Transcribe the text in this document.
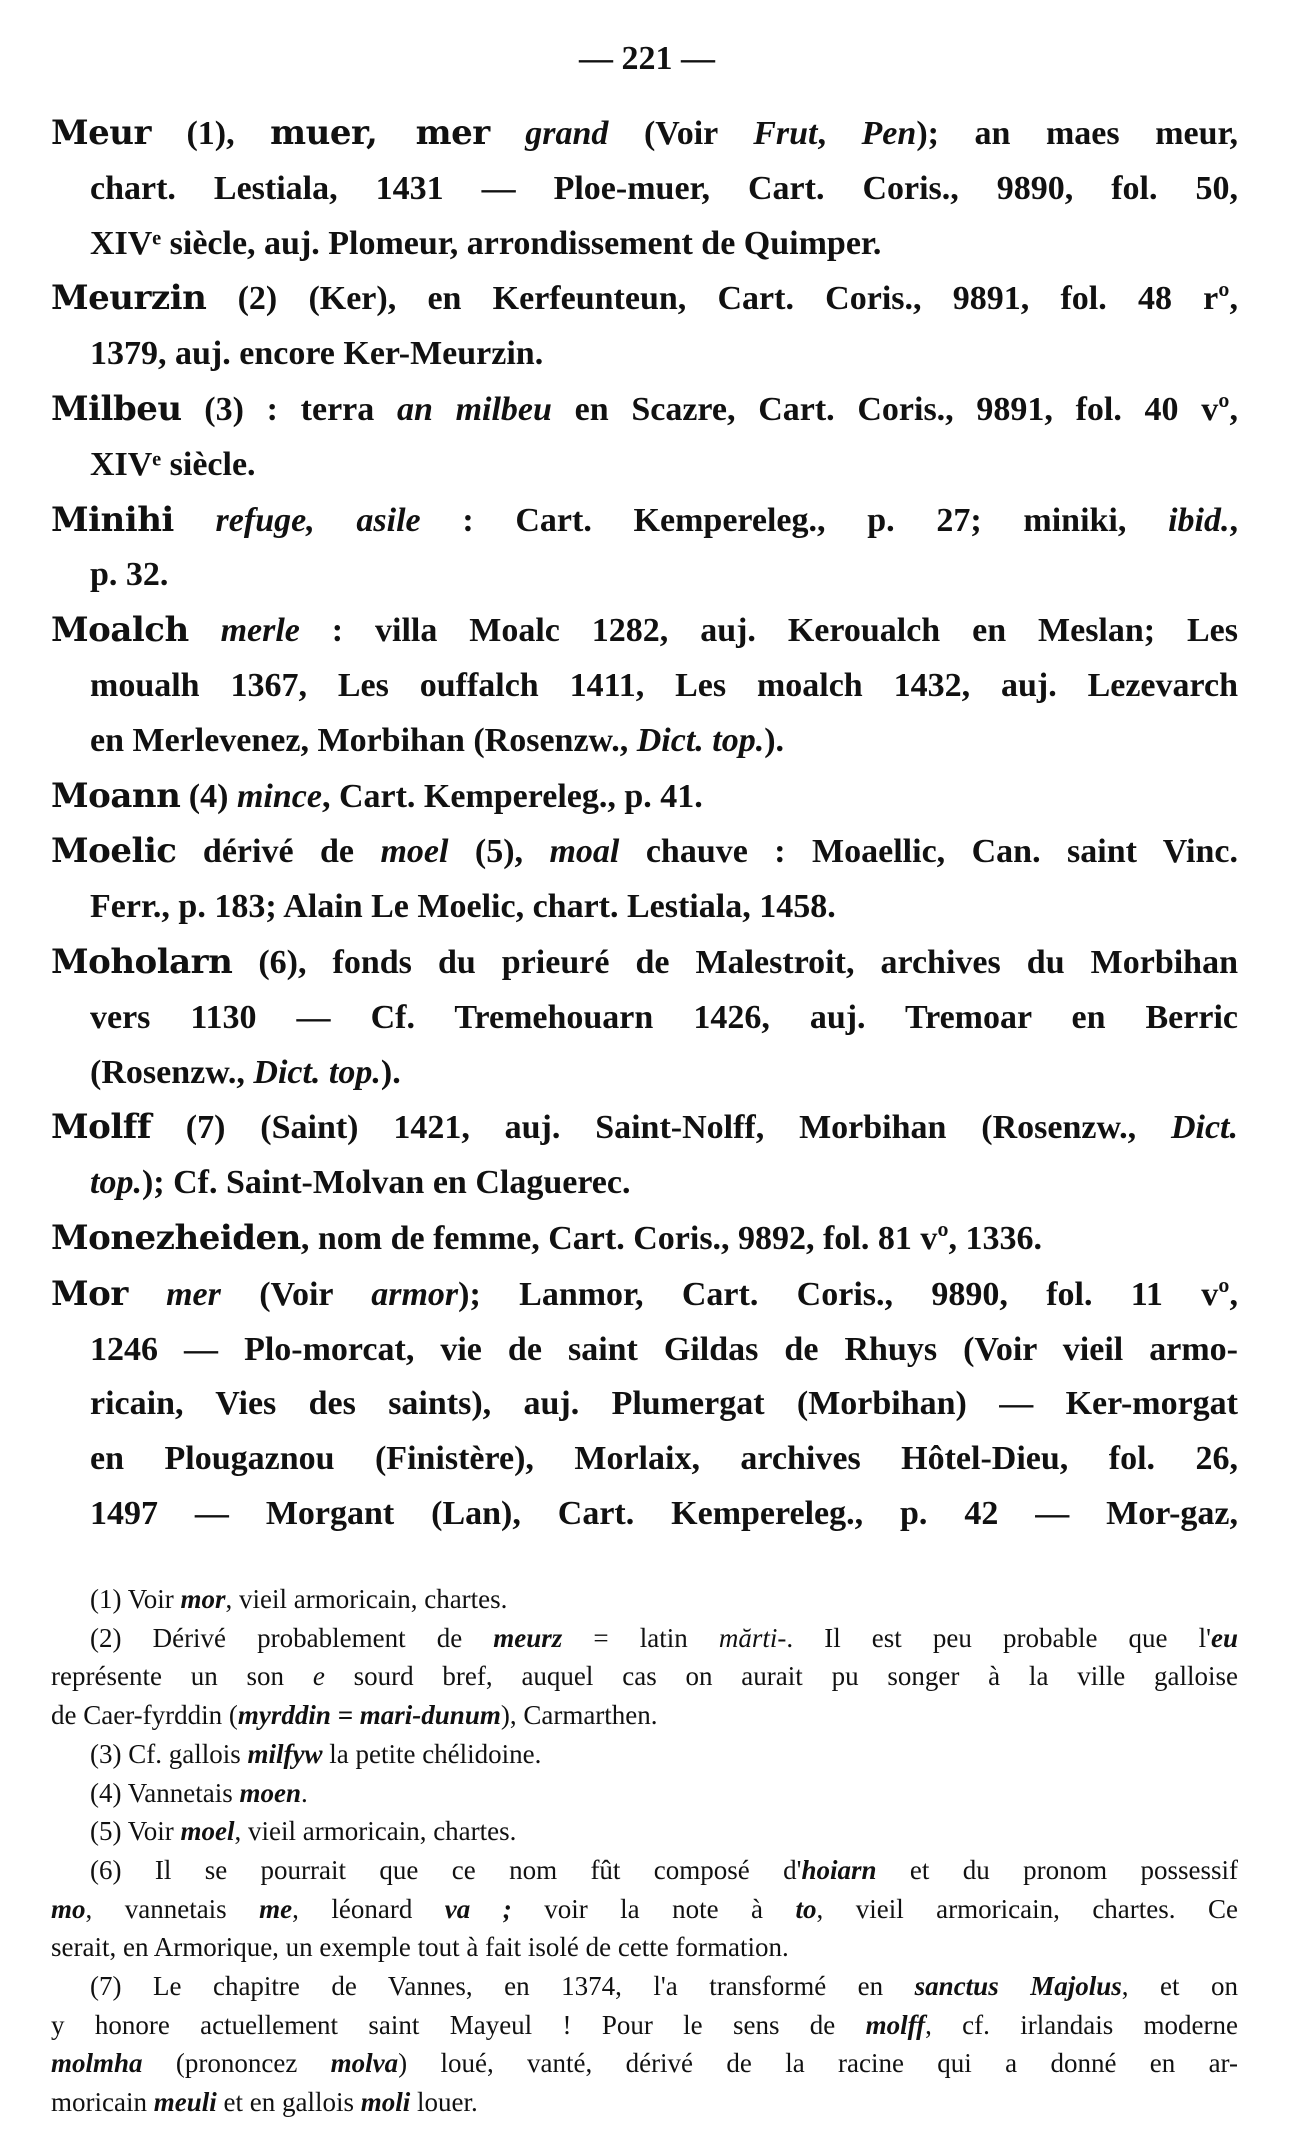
— 221 —
Meur (1), muer, mer grand (Voir Frut, Pen); an maes meur,
chart. Lestiala, 1431 — Ploe-muer, Cart. Coris., 9890, fol. 50,
XIVᵉ siècle, auj. Plomeur, arrondissement de Quimper.
Meurzin (2) (Ker), en Kerfeunteun, Cart. Coris., 9891, fol. 48 rº,
1379, auj. encore Ker-Meurzin.
Milbeu (3) : terra an milbeu en Scazre, Cart. Coris., 9891, fol. 40 vº,
XIVᵉ siècle.
Minihi refuge, asile : Cart. Kempereleg., p. 27; miniki, ibid.,
p. 32.
Moalch merle : villa Moalc 1282, auj. Keroualch en Meslan; Les
moualh 1367, Les ouffalch 1411, Les moalch 1432, auj. Lezevarch
en Merlevenez, Morbihan (Rosenzw., Dict. top.).
Moann (4) mince, Cart. Kempereleg., p. 41.
Moelic dérivé de moel (5), moal chauve : Moaellic, Can. saint Vinc.
Ferr., p. 183; Alain Le Moelic, chart. Lestiala, 1458.
Moholarn (6), fonds du prieuré de Malestroit, archives du Morbihan
vers 1130 — Cf. Tremehouarn 1426, auj. Tremoar en Berric
(Rosenzw., Dict. top.).
Molff (7) (Saint) 1421, auj. Saint-Nolff, Morbihan (Rosenzw., Dict.
top.); Cf. Saint-Molvan en Claguerec.
Monezheiden, nom de femme, Cart. Coris., 9892, fol. 81 vº, 1336.
Mor mer (Voir armor); Lanmor, Cart. Coris., 9890, fol. 11 vº,
1246 — Plo-morcat, vie de saint Gildas de Rhuys (Voir vieil armo-
ricain, Vies des saints), auj. Plumergat (Morbihan) — Ker-morgat
en Plougaznou (Finistère), Morlaix, archives Hôtel-Dieu, fol. 26,
1497 — Morgant (Lan), Cart. Kempereleg., p. 42 — Mor-gaz,
(1) Voir mor, vieil armoricain, chartes.
(2) Dérivé probablement de meurz = latin mărti-. Il est peu probable que l'eu
représente un son e sourd bref, auquel cas on aurait pu songer à la ville galloise
de Caer-fyrddin (myrddin = mari-dunum), Carmarthen.
(3) Cf. gallois milfyw la petite chélidoine.
(4) Vannetais moen.
(5) Voir moel, vieil armoricain, chartes.
(6) Il se pourrait que ce nom fût composé d'hoiarn et du pronom possessif
mo, vannetais me, léonard va ; voir la note à to, vieil armoricain, chartes. Ce
serait, en Armorique, un exemple tout à fait isolé de cette formation.
(7) Le chapitre de Vannes, en 1374, l'a transformé en sanctus Majolus, et on
y honore actuellement saint Mayeul ! Pour le sens de molff, cf. irlandais moderne
molmha (prononcez molva) loué, vanté, dérivé de la racine qui a donné en ar-
moricain meuli et en gallois moli louer.
